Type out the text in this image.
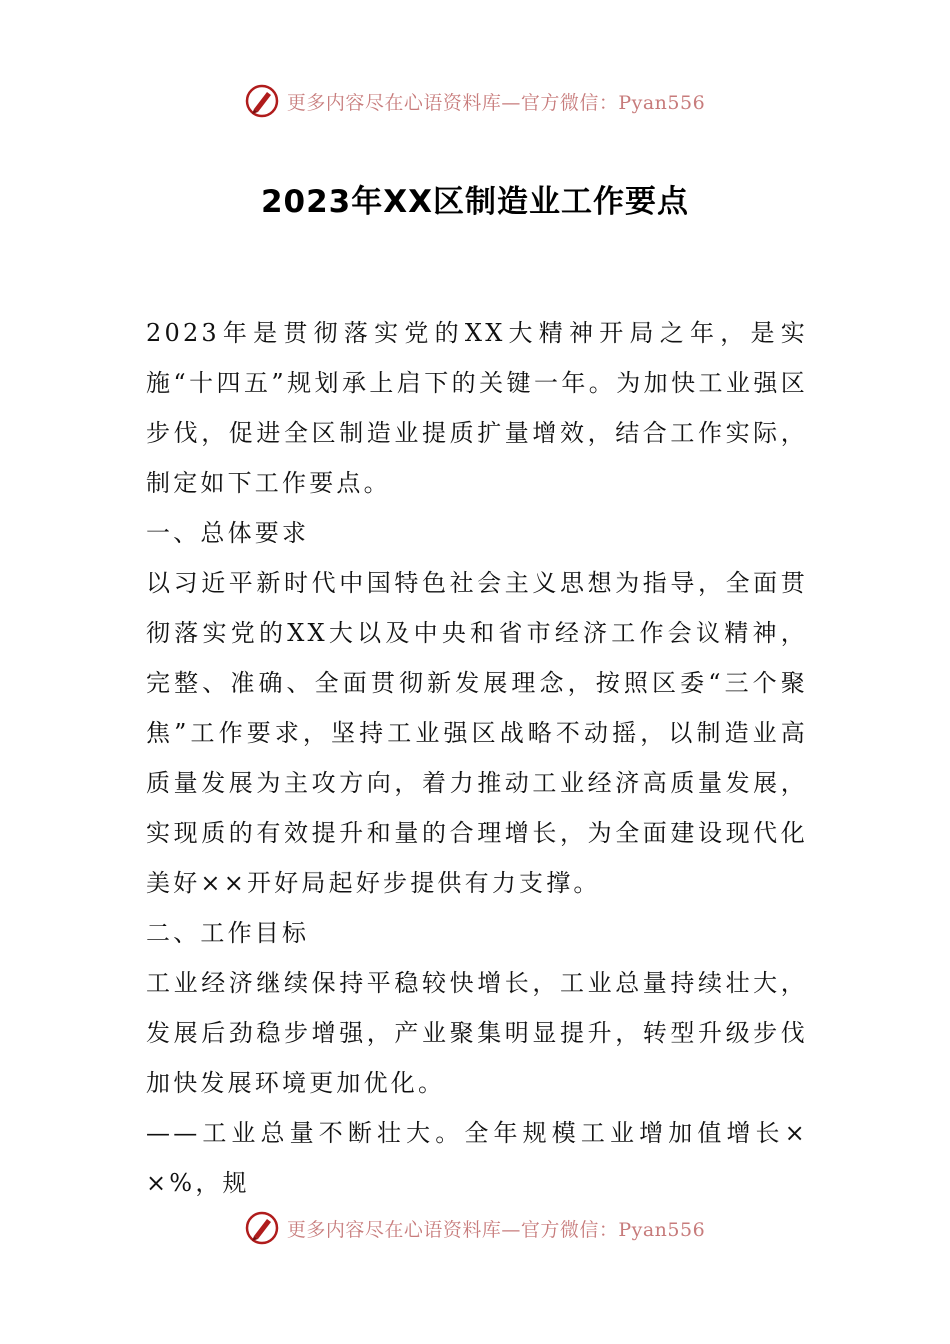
更多内容尽在心语资料库—官方微信：Pyan556
2023年XX区制造业工作要点

2023年是贯彻落实党的XX大精神开局之年，是实施“十四五”规划承上启下的关键一年。为加快工业强区步伐，促进全区制造业提质扩量增效，结合工作实际，制定如下工作要点。

一、总体要求

以习近平新时代中国特色社会主义思想为指导，全面贯彻落实党的XX大以及中央和省市经济工作会议精神，完整、准确、全面贯彻新发展理念，按照区委“三个聚焦”工作要求，坚持工业强区战略不动摇，以制造业高质量发展为主攻方向，着力推动工业经济高质量发展，实现质的有效提升和量的合理增长，为全面建设现代化美好××开好局起好步提供有力支撑。

二、工作目标

工业经济继续保持平稳较快增长，工业总量持续壮大，发展后劲稳步增强，产业聚集明显提升，转型升级步伐加快发展环境更加优化。

——工业总量不断壮大。全年规模工业增加值增长××%，规

更多内容尽在心语资料库—官方微信：Pyan556
